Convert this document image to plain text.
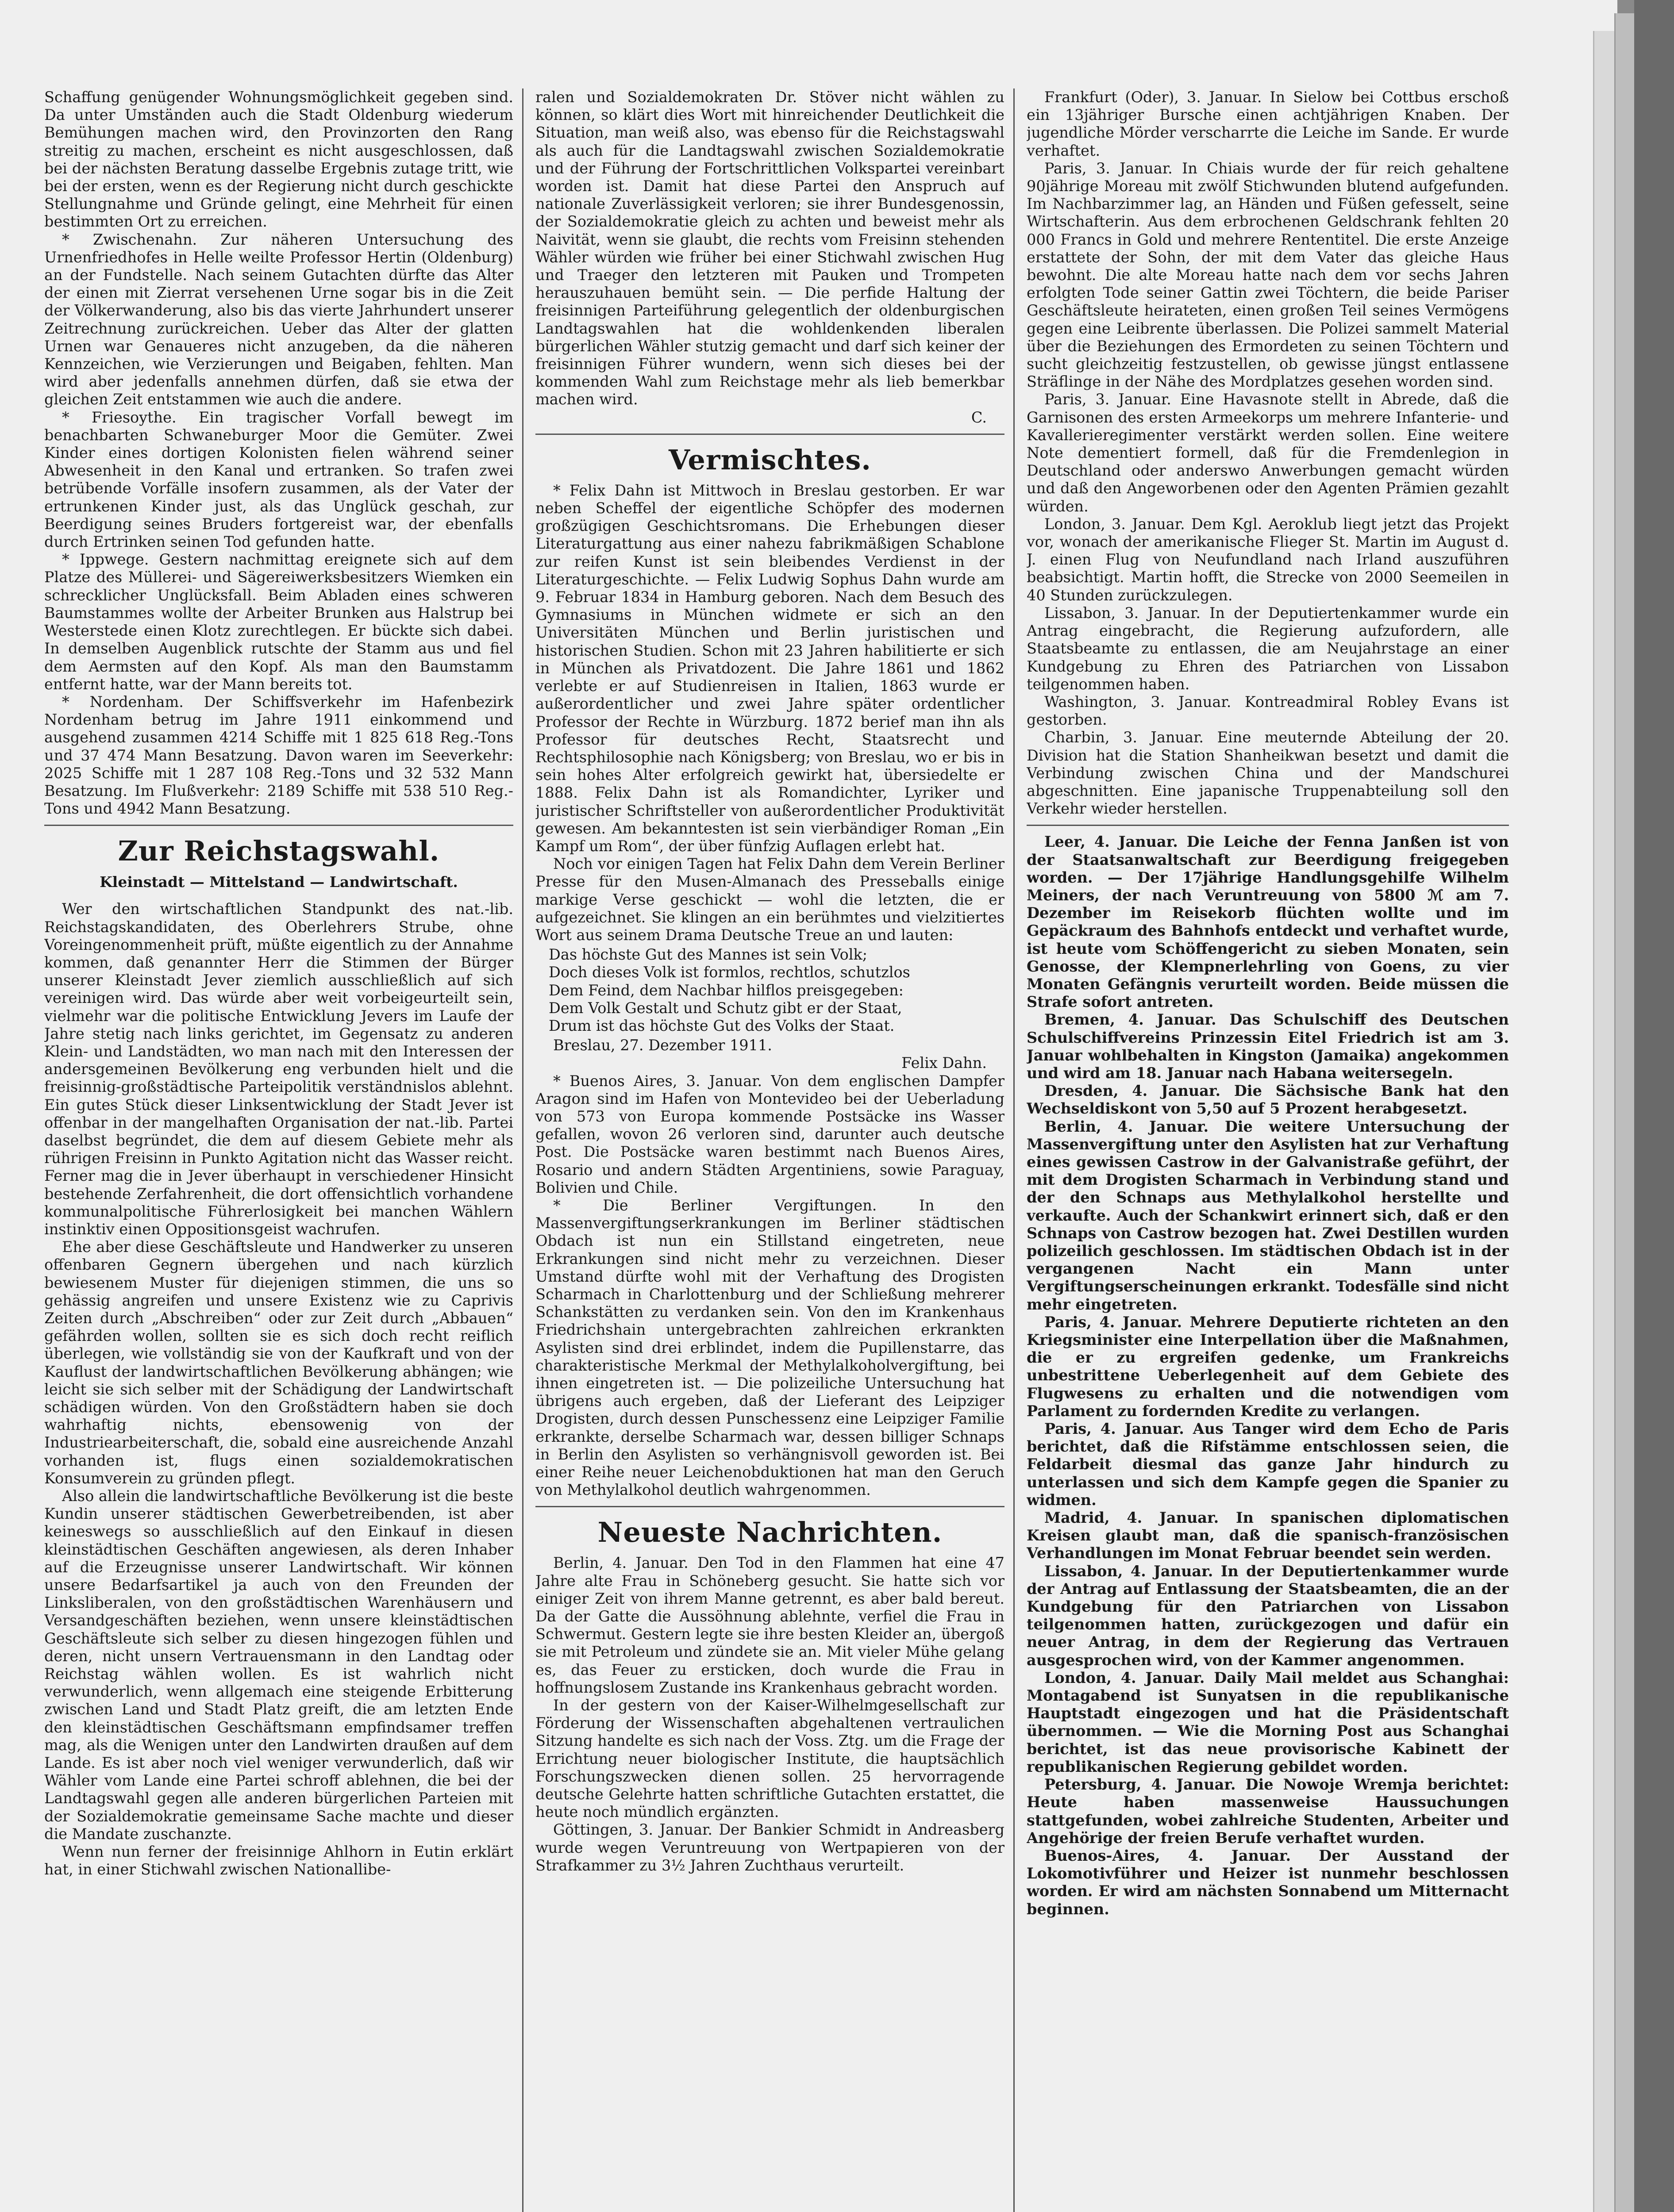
Schaffung genügender Wohnungsmöglichkeit gegeben sind. Da unter Umständen auch die Stadt Oldenburg wiederum Bemühungen machen wird, den Provinzorten den Rang streitig zu machen, erscheint es nicht ausgeschlossen, daß bei der nächsten Beratung dasselbe Ergebnis zutage tritt, wie bei der ersten, wenn es der Regierung nicht durch geschickte Stellungnahme und Gründe gelingt, eine Mehrheit für einen bestimmten Ort zu erreichen.

* Zwischenahn. Zur näheren Untersuchung des Urnenfriedhofes in Helle weilte Professor Hertin (Oldenburg) an der Fundstelle. Nach seinem Gutachten dürfte das Alter der einen mit Zierrat versehenen Urne sogar bis in die Zeit der Völkerwanderung, also bis das vierte Jahrhundert unserer Zeitrechnung zurückreichen. Ueber das Alter der glatten Urnen war Genaueres nicht anzugeben, da die näheren Kennzeichen, wie Verzierungen und Beigaben, fehlten. Man wird aber jedenfalls annehmen dürfen, daß sie etwa der gleichen Zeit entstammen wie auch die andere.

* Friesoythe. Ein tragischer Vorfall bewegt im benachbarten Schwaneburger Moor die Gemüter. Zwei Kinder eines dortigen Kolonisten fielen während seiner Abwesenheit in den Kanal und ertranken. So trafen zwei betrübende Vorfälle insofern zusammen, als der Vater der ertrunkenen Kinder just, als das Unglück geschah, zur Beerdigung seines Bruders fortgereist war, der ebenfalls durch Ertrinken seinen Tod gefunden hatte.

* Ippwege. Gestern nachmittag ereignete sich auf dem Platze des Müllerei- und Sägereiwerksbesitzers Wiemken ein schrecklicher Unglücksfall. Beim Abladen eines schweren Baumstammes wollte der Arbeiter Brunken aus Halstrup bei Westerstede einen Klotz zurechtlegen. Er bückte sich dabei. In demselben Augenblick rutschte der Stamm aus und fiel dem Aermsten auf den Kopf. Als man den Baumstamm entfernt hatte, war der Mann bereits tot.

* Nordenham. Der Schiffsverkehr im Hafenbezirk Nordenham betrug im Jahre 1911 einkommend und ausgehend zusammen 4214 Schiffe mit 1 825 618 Reg.-Tons und 37 474 Mann Besatzung. Davon waren im Seeverkehr: 2025 Schiffe mit 1 287 108 Reg.-Tons und 32 532 Mann Besatzung. Im Flußverkehr: 2189 Schiffe mit 538 510 Reg.-Tons und 4942 Mann Besatzung.

Zur Reichstagswahl.
Kleinstadt — Mittelstand — Landwirtschaft.

Wer den wirtschaftlichen Standpunkt des nat.-lib. Reichstagskandidaten, des Oberlehrers Strube, ohne Voreingenommenheit prüft, müßte eigentlich zu der Annahme kommen, daß genannter Herr die Stimmen der Bürger unserer Kleinstadt Jever ziemlich ausschließlich auf sich vereinigen wird. Das würde aber weit vorbeigeurteilt sein, vielmehr war die politische Entwicklung Jevers im Laufe der Jahre stetig nach links gerichtet, im Gegensatz zu anderen Klein- und Landstädten, wo man nach mit den Interessen der andersgemeinen Bevölkerung eng verbunden hielt und die freisinnig-großstädtische Parteipolitik verständnislos ablehnt. Ein gutes Stück dieser Linksentwicklung der Stadt Jever ist offenbar in der mangelhaften Organisation der nat.-lib. Partei daselbst begründet, die dem auf diesem Gebiete mehr als rührigen Freisinn in Punkto Agitation nicht das Wasser reicht. Ferner mag die in Jever überhaupt in verschiedener Hinsicht bestehende Zerfahrenheit, die dort offensichtlich vorhandene kommunalpolitische Führerlosigkeit bei manchen Wählern instinktiv einen Oppositionsgeist wachrufen.

Ehe aber diese Geschäftsleute und Handwerker zu unseren offenbaren Gegnern übergehen und nach kürzlich bewiesenem Muster für diejenigen stimmen, die uns so gehässig angreifen und unsere Existenz wie zu Caprivis Zeiten durch „Abschreiben“ oder zur Zeit durch „Abbauen“ gefährden wollen, sollten sie es sich doch recht reiflich überlegen, wie vollständig sie von der Kaufkraft und von der Kauflust der landwirtschaftlichen Bevölkerung abhängen; wie leicht sie sich selber mit der Schädigung der Landwirtschaft schädigen würden. Von den Großstädtern haben sie doch wahrhaftig nichts, ebensowenig von der Industriearbeiterschaft, die, sobald eine ausreichende Anzahl vorhanden ist, flugs einen sozialdemokratischen Konsumverein zu gründen pflegt.

Also allein die landwirtschaftliche Bevölkerung ist die beste Kundin unserer städtischen Gewerbetreibenden, ist aber keineswegs so ausschließlich auf den Einkauf in diesen kleinstädtischen Geschäften angewiesen, als deren Inhaber auf die Erzeugnisse unserer Landwirtschaft. Wir können unsere Bedarfsartikel ja auch von den Freunden der Linksliberalen, von den großstädtischen Warenhäusern und Versandgeschäften beziehen, wenn unsere kleinstädtischen Geschäftsleute sich selber zu diesen hingezogen fühlen und deren, nicht unsern Vertrauensmann in den Landtag oder Reichstag wählen wollen. Es ist wahrlich nicht verwunderlich, wenn allgemach eine steigende Erbitterung zwischen Land und Stadt Platz greift, die am letzten Ende den kleinstädtischen Geschäftsmann empfindsamer treffen mag, als die Wenigen unter den Landwirten draußen auf dem Lande. Es ist aber noch viel weniger verwunderlich, daß wir Wähler vom Lande eine Partei schroff ablehnen, die bei der Landtagswahl gegen alle anderen bürgerlichen Parteien mit der Sozialdemokratie gemeinsame Sache machte und dieser die Mandate zuschanzte.

Wenn nun ferner der freisinnige Ahlhorn in Eutin erklärt hat, in einer Stichwahl zwischen Nationallibe-

ralen und Sozialdemokraten Dr. Stöver nicht wählen zu können, so klärt dies Wort mit hinreichender Deutlichkeit die Situation, man weiß also, was ebenso für die Reichstagswahl als auch für die Landtagswahl zwischen Sozialdemokratie und der Führung der Fortschrittlichen Volkspartei vereinbart worden ist. Damit hat diese Partei den Anspruch auf nationale Zuverlässigkeit verloren; sie ihrer Bundesgenossin, der Sozialdemokratie gleich zu achten und beweist mehr als Naivität, wenn sie glaubt, die rechts vom Freisinn stehenden Wähler würden wie früher bei einer Stichwahl zwischen Hug und Traeger den letzteren mit Pauken und Trompeten herauszuhauen bemüht sein. — Die perfide Haltung der freisinnigen Parteiführung gelegentlich der oldenburgischen Landtagswahlen hat die wohldenkenden liberalen bürgerlichen Wähler stutzig gemacht und darf sich keiner der freisinnigen Führer wundern, wenn sich dieses bei der kommenden Wahl zum Reichstage mehr als lieb bemerkbar machen wird.

C.
Vermischtes.

* Felix Dahn ist Mittwoch in Breslau gestorben. Er war neben Scheffel der eigentliche Schöpfer des modernen großzügigen Geschichtsromans. Die Erhebungen dieser Literaturgattung aus einer nahezu fabrikmäßigen Schablone zur reifen Kunst ist sein bleibendes Verdienst in der Literaturgeschichte. — Felix Ludwig Sophus Dahn wurde am 9. Februar 1834 in Hamburg geboren. Nach dem Besuch des Gymnasiums in München widmete er sich an den Universitäten München und Berlin juristischen und historischen Studien. Schon mit 23 Jahren habilitierte er sich in München als Privatdozent. Die Jahre 1861 und 1862 verlebte er auf Studienreisen in Italien, 1863 wurde er außerordentlicher und zwei Jahre später ordentlicher Professor der Rechte in Würzburg. 1872 berief man ihn als Professor für deutsches Recht, Staatsrecht und Rechtsphilosophie nach Königsberg; von Breslau, wo er bis in sein hohes Alter erfolgreich gewirkt hat, übersiedelte er 1888. Felix Dahn ist als Romandichter, Lyriker und juristischer Schriftsteller von außerordentlicher Produktivität gewesen. Am bekanntesten ist sein vierbändiger Roman „Ein Kampf um Rom“, der über fünfzig Auflagen erlebt hat.

Noch vor einigen Tagen hat Felix Dahn dem Verein Berliner Presse für den Musen-Almanach des Presseballs einige markige Verse geschickt — wohl die letzten, die er aufgezeichnet. Sie klingen an ein berühmtes und vielzitiertes Wort aus seinem Drama Deutsche Treue an und lauten:

Das höchste Gut des Mannes ist sein Volk;
Doch dieses Volk ist formlos, rechtlos, schutzlos
Dem Feind, dem Nachbar hilflos preisgegeben:
Dem Volk Gestalt und Schutz gibt er der Staat,
Drum ist das höchste Gut des Volks der Staat.
Breslau, 27. Dezember 1911.
Felix Dahn.

* Buenos Aires, 3. Januar. Von dem englischen Dampfer Aragon sind im Hafen von Montevideo bei der Ueberladung von 573 von Europa kommende Postsäcke ins Wasser gefallen, wovon 26 verloren sind, darunter auch deutsche Post. Die Postsäcke waren bestimmt nach Buenos Aires, Rosario und andern Städten Argentiniens, sowie Paraguay, Bolivien und Chile.

* Die Berliner Vergiftungen. In den Massenvergiftungserkrankungen im Berliner städtischen Obdach ist nun ein Stillstand eingetreten, neue Erkrankungen sind nicht mehr zu verzeichnen. Dieser Umstand dürfte wohl mit der Verhaftung des Drogisten Scharmach in Charlottenburg und der Schließung mehrerer Schankstätten zu verdanken sein. Von den im Krankenhaus Friedrichshain untergebrachten zahlreichen erkrankten Asylisten sind drei erblindet, indem die Pupillenstarre, das charakteristische Merkmal der Methylalkoholvergiftung, bei ihnen eingetreten ist. — Die polizeiliche Untersuchung hat übrigens auch ergeben, daß der Lieferant des Leipziger Drogisten, durch dessen Punschessenz eine Leipziger Familie erkrankte, derselbe Scharmach war, dessen billiger Schnaps in Berlin den Asylisten so verhängnisvoll geworden ist. Bei einer Reihe neuer Leichenobduktionen hat man den Geruch von Methylalkohol deutlich wahrgenommen.

Neueste Nachrichten.

Berlin, 4. Januar. Den Tod in den Flammen hat eine 47 Jahre alte Frau in Schöneberg gesucht. Sie hatte sich vor einiger Zeit von ihrem Manne getrennt, es aber bald bereut. Da der Gatte die Aussöhnung ablehnte, verfiel die Frau in Schwermut. Gestern legte sie ihre besten Kleider an, übergoß sie mit Petroleum und zündete sie an. Mit vieler Mühe gelang es, das Feuer zu ersticken, doch wurde die Frau in hoffnungslosem Zustande ins Krankenhaus gebracht worden.

In der gestern von der Kaiser-Wilhelmgesellschaft zur Förderung der Wissenschaften abgehaltenen vertraulichen Sitzung handelte es sich nach der Voss. Ztg. um die Frage der Errichtung neuer biologischer Institute, die hauptsächlich Forschungszwecken dienen sollen. 25 hervorragende deutsche Gelehrte hatten schriftliche Gutachten erstattet, die heute noch mündlich ergänzten.

Göttingen, 3. Januar. Der Bankier Schmidt in Andreasberg wurde wegen Veruntreuung von Wertpapieren von der Strafkammer zu 3½ Jahren Zuchthaus verurteilt.

Frankfurt (Oder), 3. Januar. In Sielow bei Cottbus erschoß ein 13jähriger Bursche einen achtjährigen Knaben. Der jugendliche Mörder verscharrte die Leiche im Sande. Er wurde verhaftet.

Paris, 3. Januar. In Chiais wurde der für reich gehaltene 90jährige Moreau mit zwölf Stichwunden blutend aufgefunden. Im Nachbarzimmer lag, an Händen und Füßen gefesselt, seine Wirtschafterin. Aus dem erbrochenen Geldschrank fehlten 20 000 Francs in Gold und mehrere Rententitel. Die erste Anzeige erstattete der Sohn, der mit dem Vater das gleiche Haus bewohnt. Die alte Moreau hatte nach dem vor sechs Jahren erfolgten Tode seiner Gattin zwei Töchtern, die beide Pariser Geschäftsleute heirateten, einen großen Teil seines Vermögens gegen eine Leibrente überlassen. Die Polizei sammelt Material über die Beziehungen des Ermordeten zu seinen Töchtern und sucht gleichzeitig festzustellen, ob gewisse jüngst entlassene Sträflinge in der Nähe des Mordplatzes gesehen worden sind.

Paris, 3. Januar. Eine Havasnote stellt in Abrede, daß die Garnisonen des ersten Armeekorps um mehrere Infanterie- und Kavallerieregimenter verstärkt werden sollen. Eine weitere Note dementiert formell, daß für die Fremdenlegion in Deutschland oder anderswo Anwerbungen gemacht würden und daß den Angeworbenen oder den Agenten Prämien gezahlt würden.

London, 3. Januar. Dem Kgl. Aeroklub liegt jetzt das Projekt vor, wonach der amerikanische Flieger St. Martin im August d. J. einen Flug von Neufundland nach Irland auszuführen beabsichtigt. Martin hofft, die Strecke von 2000 Seemeilen in 40 Stunden zurückzulegen.

Lissabon, 3. Januar. In der Deputiertenkammer wurde ein Antrag eingebracht, die Regierung aufzufordern, alle Staatsbeamte zu entlassen, die am Neujahrstage an einer Kundgebung zu Ehren des Patriarchen von Lissabon teilgenommen haben.

Washington, 3. Januar. Kontreadmiral Robley Evans ist gestorben.

Charbin, 3. Januar. Eine meuternde Abteilung der 20. Division hat die Station Shanheikwan besetzt und damit die Verbindung zwischen China und der Mandschurei abgeschnitten. Eine japanische Truppenabteilung soll den Verkehr wieder herstellen.

Leer, 4. Januar. Die Leiche der Fenna Janßen ist von der Staatsanwaltschaft zur Beerdigung freigegeben worden. — Der 17jährige Handlungsgehilfe Wilhelm Meiners, der nach Veruntreuung von 5800 ℳ am 7. Dezember im Reisekorb flüchten wollte und im Gepäckraum des Bahnhofs entdeckt und verhaftet wurde, ist heute vom Schöffengericht zu sieben Monaten, sein Genosse, der Klempnerlehrling von Goens, zu vier Monaten Gefängnis verurteilt worden. Beide müssen die Strafe sofort antreten.

Bremen, 4. Januar. Das Schulschiff des Deutschen Schulschiffvereins Prinzessin Eitel Friedrich ist am 3. Januar wohlbehalten in Kingston (Jamaika) angekommen und wird am 18. Januar nach Habana weitersegeln.

Dresden, 4. Januar. Die Sächsische Bank hat den Wechseldiskont von 5,50 auf 5 Prozent herabgesetzt.

Berlin, 4. Januar. Die weitere Untersuchung der Massenvergiftung unter den Asylisten hat zur Verhaftung eines gewissen Castrow in der Galvanistraße geführt, der mit dem Drogisten Scharmach in Verbindung stand und der den Schnaps aus Methylalkohol herstellte und verkaufte. Auch der Schankwirt erinnert sich, daß er den Schnaps von Castrow bezogen hat. Zwei Destillen wurden polizeilich geschlossen. Im städtischen Obdach ist in der vergangenen Nacht ein Mann unter Vergiftungserscheinungen erkrankt. Todesfälle sind nicht mehr eingetreten.

Paris, 4. Januar. Mehrere Deputierte richteten an den Kriegsminister eine Interpellation über die Maßnahmen, die er zu ergreifen gedenke, um Frankreichs unbestrittene Ueberlegenheit auf dem Gebiete des Flugwesens zu erhalten und die notwendigen vom Parlament zu fordernden Kredite zu verlangen.

Paris, 4. Januar. Aus Tanger wird dem Echo de Paris berichtet, daß die Rifstämme entschlossen seien, die Feldarbeit diesmal das ganze Jahr hindurch zu unterlassen und sich dem Kampfe gegen die Spanier zu widmen.

Madrid, 4. Januar. In spanischen diplomatischen Kreisen glaubt man, daß die spanisch-französischen Verhandlungen im Monat Februar beendet sein werden.

Lissabon, 4. Januar. In der Deputiertenkammer wurde der Antrag auf Entlassung der Staatsbeamten, die an der Kundgebung für den Patriarchen von Lissabon teilgenommen hatten, zurückgezogen und dafür ein neuer Antrag, in dem der Regierung das Vertrauen ausgesprochen wird, von der Kammer angenommen.

London, 4. Januar. Daily Mail meldet aus Schanghai: Montagabend ist Sunyatsen in die republikanische Hauptstadt eingezogen und hat die Präsidentschaft übernommen. — Wie die Morning Post aus Schanghai berichtet, ist das neue provisorische Kabinett der republikanischen Regierung gebildet worden.

Petersburg, 4. Januar. Die Nowoje Wremja berichtet: Heute haben massenweise Haussuchungen stattgefunden, wobei zahlreiche Studenten, Arbeiter und Angehörige der freien Berufe verhaftet wurden.

Buenos-Aires, 4. Januar. Der Ausstand der Lokomotivführer und Heizer ist nunmehr beschlossen worden. Er wird am nächsten Sonnabend um Mitternacht beginnen.
